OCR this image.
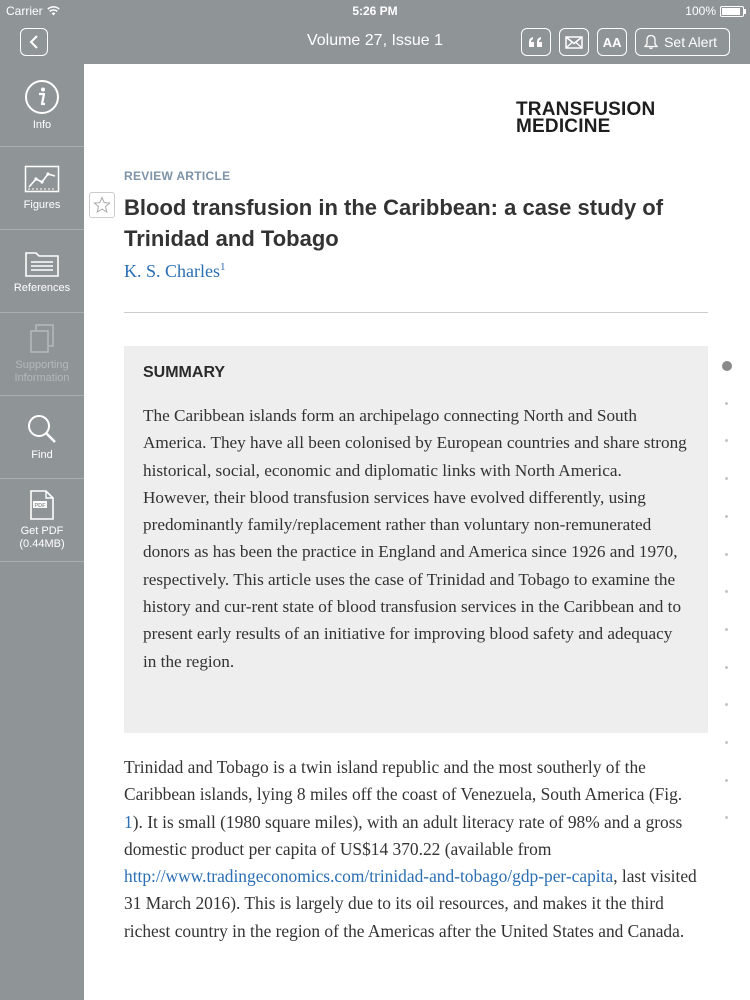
Carrier	5:26 PM	100%
Volume 27, Issue 1	AA	Set Alert
Info
Figures
References
Supporting Information
Find
PDF
Get PDF (0.44MB)
TRANSFUSION
MEDICINE
REVIEW ARTICLE
Blood transfusion in the Caribbean: a case study of Trinidad and Tobago
K. S. Charles$^1$
SUMMARY
The Caribbean islands form an archipelago connecting North and South America. They have all been colonised by European countries and share strong historical, social, economic and diplomatic links with North America. However, their blood transfusion services have evolved differently, using predominantly family/replacement rather than voluntary non-remunerated donors as has been the practice in England and America since 1926 and 1970, respectively. This article uses the case of Trinidad and Tobago to examine the history and cur-rent state of blood transfusion services in the Caribbean and to present early results of an initiative for improving blood safety and adequacy in the region.
Trinidad and Tobago is a twin island republic and the most southerly of the Caribbean islands, lying 8 miles off the coast of Venezuela, South America (Fig. 1). It is small (1980 square miles), with an adult literacy rate of 98% and a gross domestic product per capita of US$14 370.22 (available from http://www.tradingeconomics.com/trinidad-and-tobago/gdp-per-capita, last visited 31 March 2016). This is largely due to its oil resources, and makes it the third richest country in the region of the Americas after the United States and Canada.
